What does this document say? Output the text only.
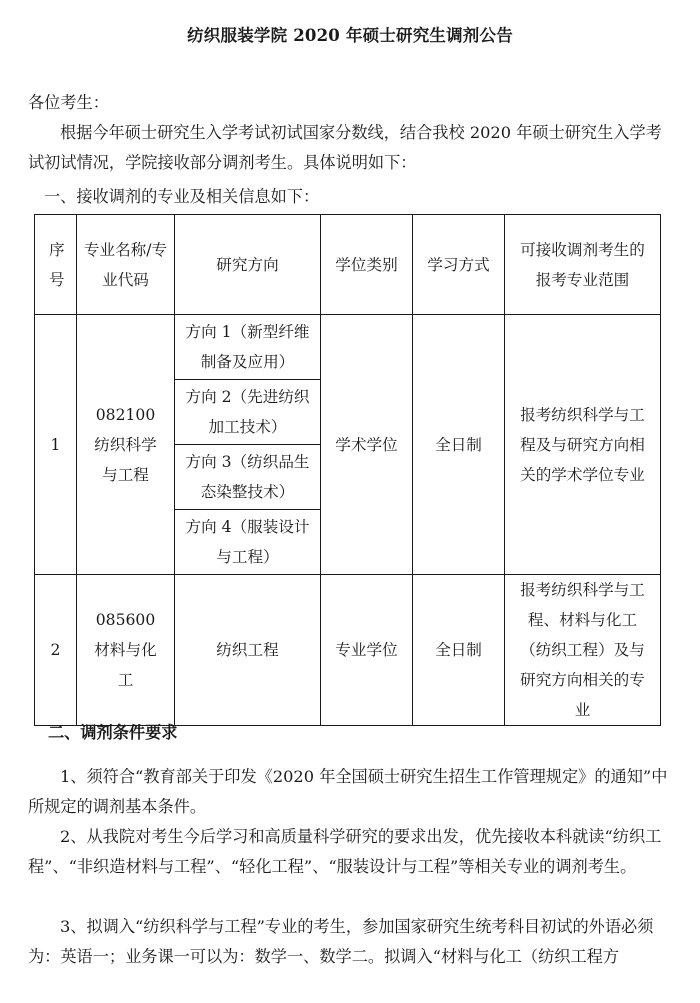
纺织服装学院 2020 年硕士研究生调剂公告

各位考生：

根据今年硕士研究生入学考试初试国家分数线，结合我校 2020 年硕士研究生入学考试初试情况，学院接收部分调剂考生。具体说明如下：

一、接收调剂的专业及相关信息如下：

序号	专业名称/专业代码	研究方向	学位类别	学习方式	可接收调剂考生的报考专业范围
1	082100 纺织科学与工程	方向 1（新型纤维制备及应用）	学术学位	全日制	报考纺织科学与工程及与研究方向相关的学术学位专业
		方向 2（先进纺织加工技术）			
		方向 3（纺织品生态染整技术）			
		方向 4（服装设计与工程）			
2	085600 材料与化工	纺织工程	专业学位	全日制	报考纺织科学与工程、材料与化工（纺织工程）及与研究方向相关的专业

二、调剂条件要求

1、须符合“教育部关于印发《2020 年全国硕士研究生招生工作管理规定》的通知”中所规定的调剂基本条件。

2、从我院对考生今后学习和高质量科学研究的要求出发，优先接收本科就读“纺织工程”、“非织造材料与工程”、“轻化工程”、“服装设计与工程”等相关专业的调剂考生。

3、拟调入“纺织科学与工程”专业的考生，参加国家研究生统考科目初试的外语必须为：英语一；业务课一可以为：数学一、数学二。拟调入“材料与化工（纺织工程方
